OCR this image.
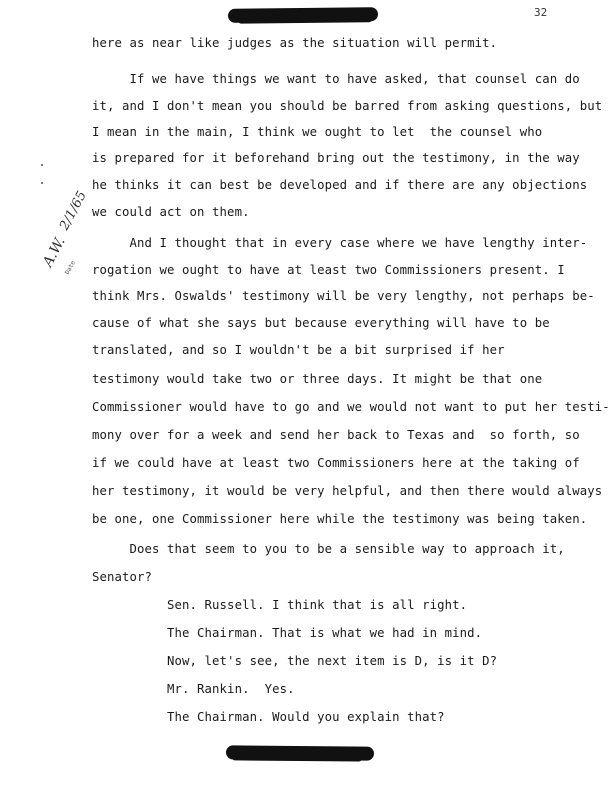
32
here as near like judges as the situation will permit.
If we have things we want to have asked, that counsel can do
it, and I don't mean you should be barred from asking questions, but
I mean in the main, I think we ought to let  the counsel who
is prepared for it beforehand bring out the testimony, in the way
he thinks it can best be developed and if there are any objections
we could act on them.
And I thought that in every case where we have lengthy inter-
rogation we ought to have at least two Commissioners present. I
think Mrs. Oswalds' testimony will be very lengthy, not perhaps be-
cause of what she says but because everything will have to be
translated, and so I wouldn't be a bit surprised if her
testimony would take two or three days. It might be that one
Commissioner would have to go and we would not want to put her testi-
mony over for a week and send her back to Texas and  so forth, so
if we could have at least two Commissioners here at the taking of
her testimony, it would be very helpful, and then there would always
be one, one Commissioner here while the testimony was being taken.
Does that seem to you to be a sensible way to approach it,
Senator?
Sen. Russell. I think that is all right.
The Chairman. That is what we had in mind.
Now, let's see, the next item is D, is it D?
Mr. Rankin.  Yes.
The Chairman. Would you explain that?
A.W.
2/1/65
Date
